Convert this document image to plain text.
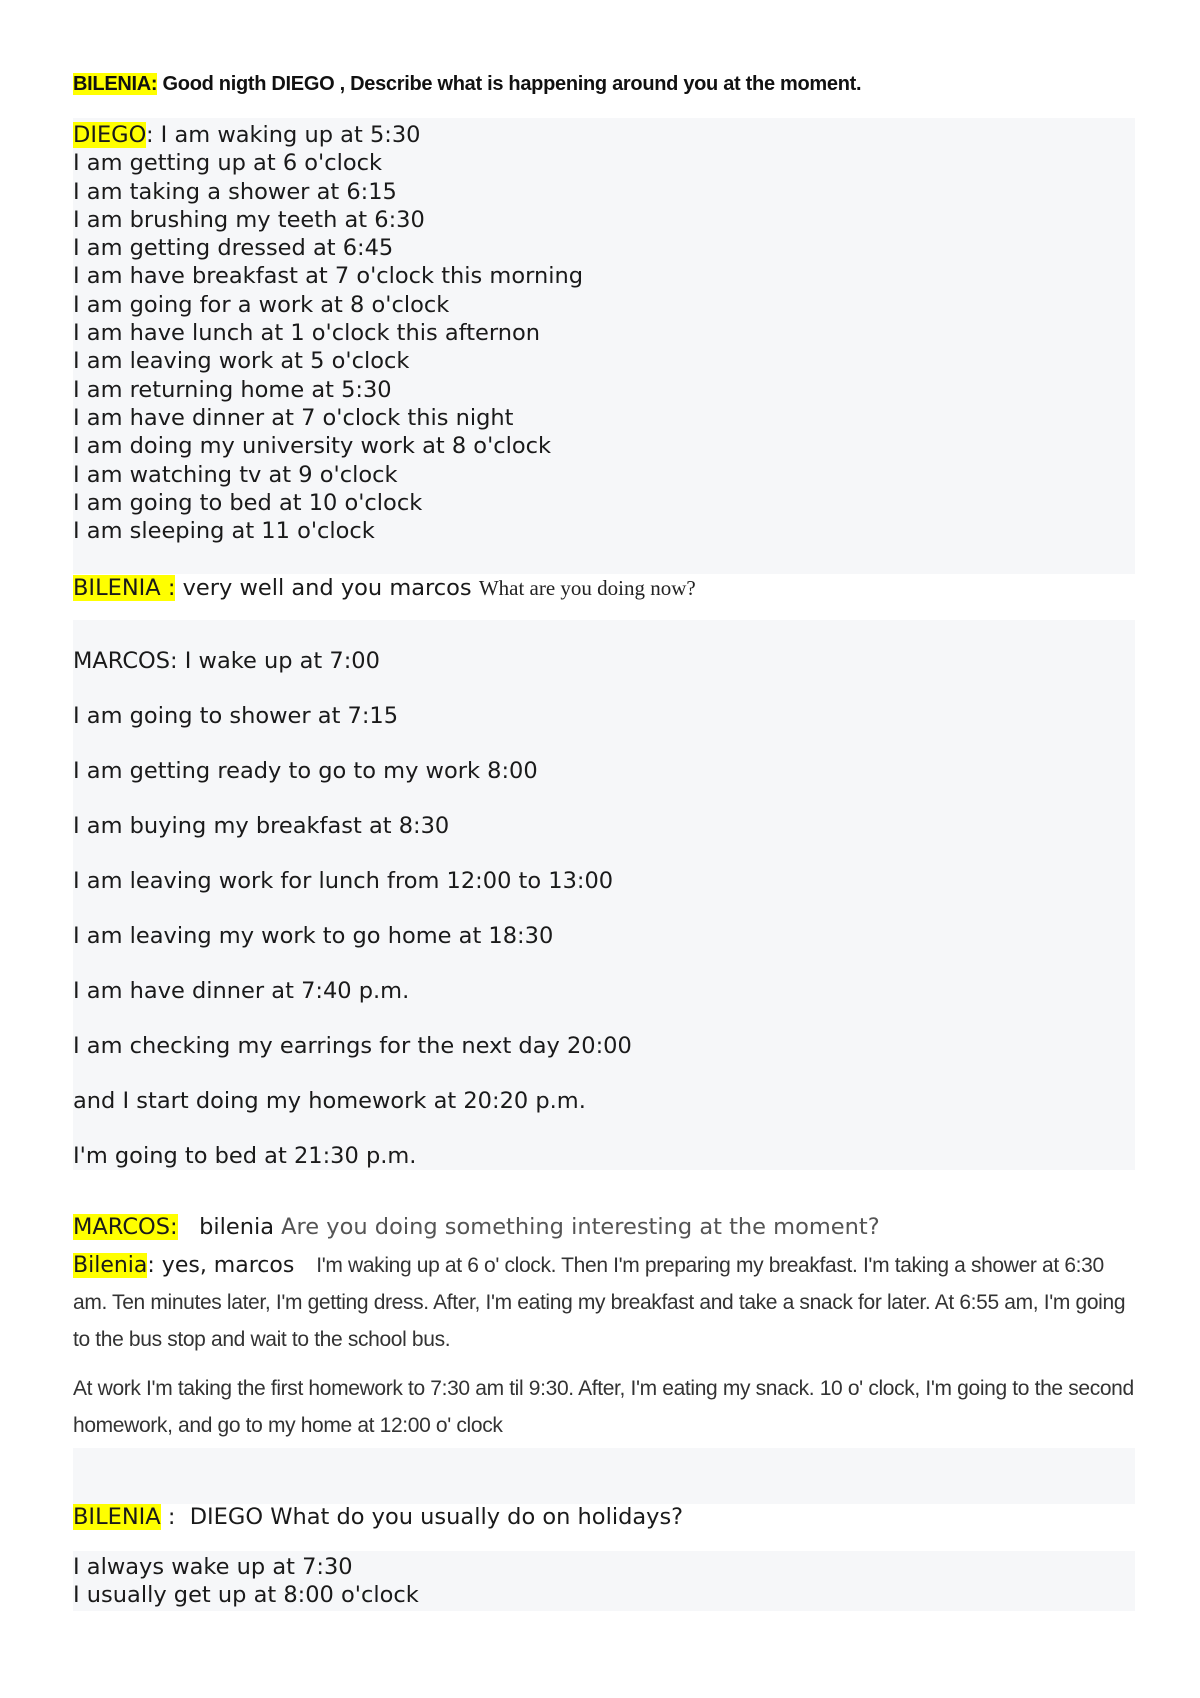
BILENIA: Good nigth DIEGO , Describe what is happening around you at the moment.
DIEGO: I am waking up at 5:30
I am getting up at 6 o'clock
I am taking a shower at 6:15
I am brushing my teeth at 6:30
I am getting dressed at 6:45
I am have breakfast at 7 o'clock this morning
I am going for a work at 8 o'clock
I am have lunch at 1 o'clock this afternon
I am leaving work at 5 o'clock
I am returning home at 5:30
I am have dinner at 7 o'clock this night
I am doing my university work at 8 o'clock
I am watching tv at 9 o'clock
I am going to bed at 10 o'clock
I am sleeping at 11 o'clock
BILENIA : very well and you marcos What are you doing now?
MARCOS: I wake up at 7:00
I am going to shower at 7:15
I am getting ready to go to my work 8:00
I am buying my breakfast at 8:30
I am leaving work for lunch from 12:00 to 13:00
I am leaving my work to go home at 18:30
I am have dinner at 7:40 p.m.
I am checking my earrings for the next day 20:00
and I start doing my homework at 20:20 p.m.
I'm going to bed at 21:30 p.m.
MARCOS:   bilenia Are you doing something interesting at the moment?
Bilenia: yes, marcos I'm waking up at 6 o' clock. Then I'm preparing my breakfast. I'm taking a shower at 6:30 am. Ten minutes later, I'm getting dress. After, I'm eating my breakfast and take a snack for later. At 6:55 am, I'm going to the bus stop and wait to the school bus.
At work I'm taking the first homework to 7:30 am til 9:30. After, I'm eating my snack. 10 o' clock, I'm going to the second homework, and go to my home at 12:00 o' clock
BILENIA :  DIEGO What do you usually do on holidays?
I always wake up at 7:30
I usually get up at 8:00 o'clock
